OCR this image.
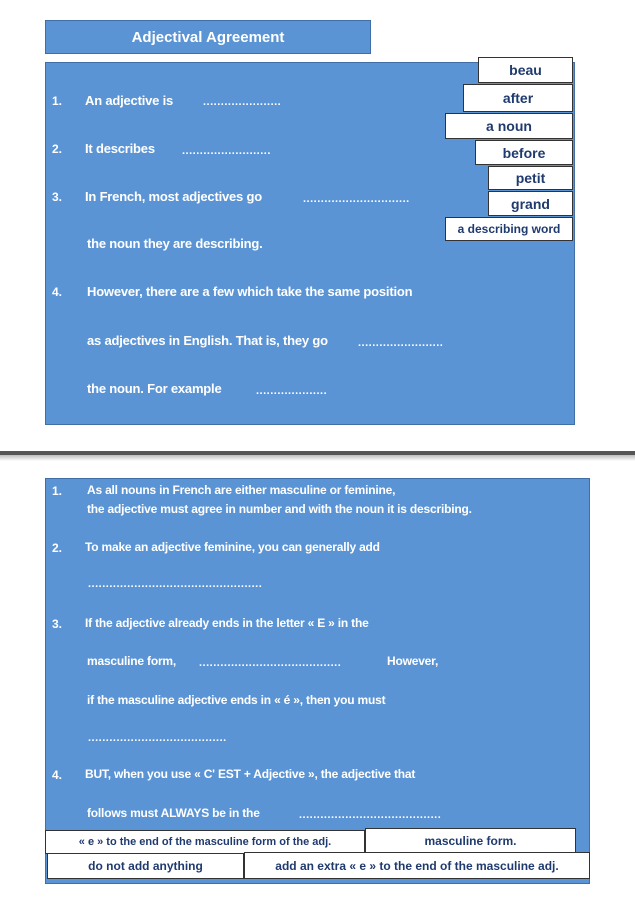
Adjectival Agreement
1. An adjective is	......................
2. It describes .........................
3. In French, most adjectives go	..............................
the noun they are describing.
4. However, there are a few which take the same position
as adjectives in English. That is, they go	........................
the noun. For example	....................
beau
after
a noun
before
petit
grand
a describing word
1. As all nouns in French are either masculine or feminine,
the adjective must agree in number and with the noun it is describing.
2. To make an adjective feminine, you can generally add
.................................................
3. If the adjective already ends in the letter « E » in the
masculine form, ........................................	However,
if the masculine adjective ends in « é », then you must
.......................................
4. BUT, when you use « C' EST + Adjective », the adjective that
follows must ALWAYS be in the	........................................
« e » to the end of the masculine form of the adj.	masculine form.
do not add anything	add an extra « e » to the end of the masculine adj.
